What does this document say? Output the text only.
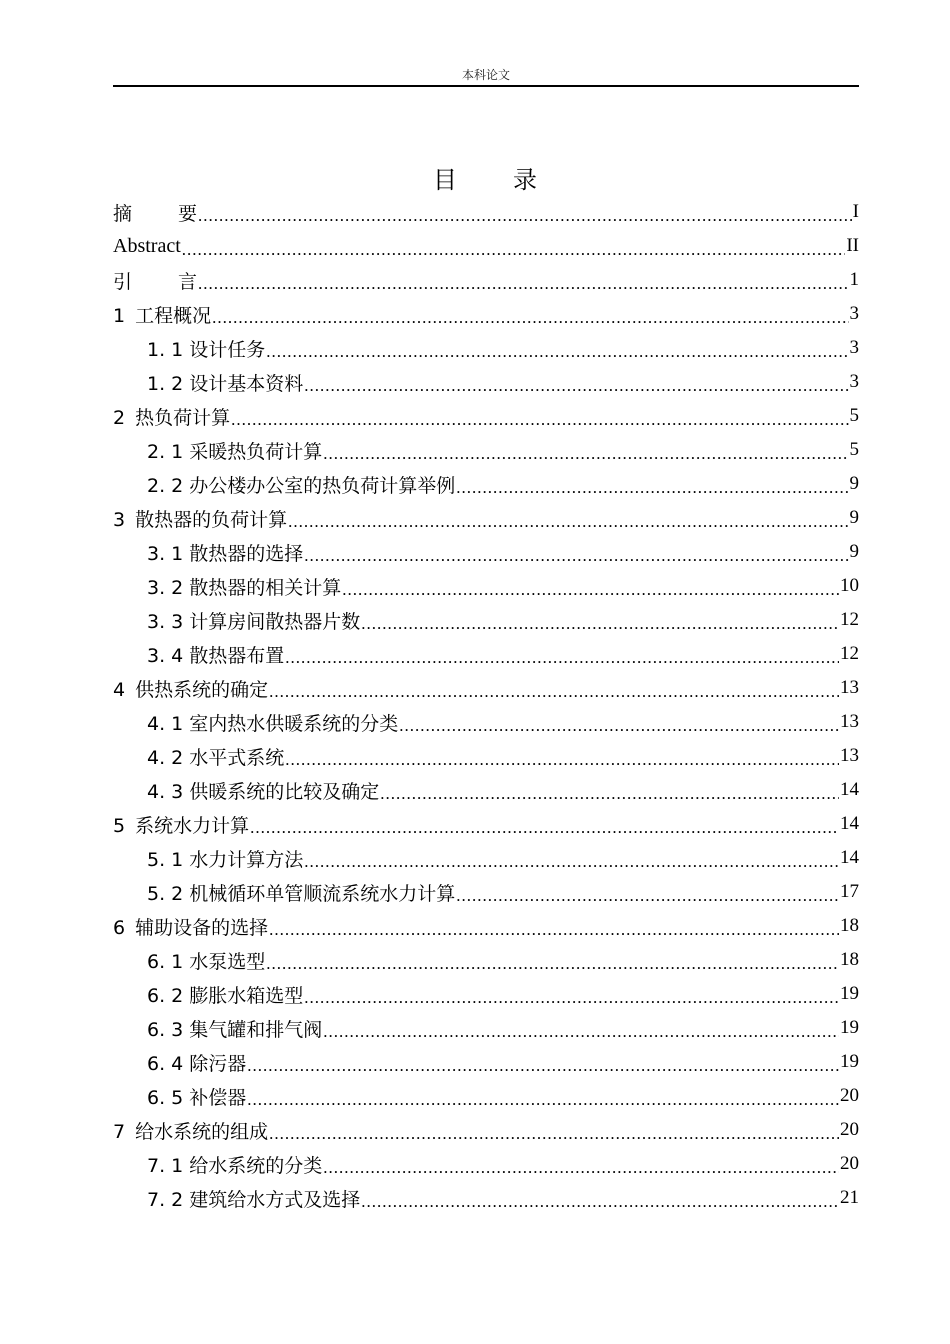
本科论文
目 录
摘要 .....	I
Abstract .....	II
引言 .....	1
1 工程概况 .....	3
1. 1 设计任务 .....	3
1. 2 设计基本资料 .....	3
2 热负荷计算 .....	5
2. 1 采暖热负荷计算 .....	5
2. 2 办公楼办公室的热负荷计算举例 .....	9
3 散热器的负荷计算 .....	9
3. 1 散热器的选择 .....	9
3. 2 散热器的相关计算 .....	10
3. 3 计算房间散热器片数 .....	12
3. 4 散热器布置 .....	12
4 供热系统的确定 .....	13
4. 1 室内热水供暖系统的分类 .....	13
4. 2 水平式系统 .....	13
4. 3 供暖系统的比较及确定 .....	14
5 系统水力计算 .....	14
5. 1 水力计算方法 .....	14
5. 2 机械循环单管顺流系统水力计算 .....	17
6 辅助设备的选择 .....	18
6. 1 水泵选型 .....	18
6. 2 膨胀水箱选型 .....	19
6. 3 集气罐和排气阀 .....	19
6. 4 除污器 .....	19
6. 5 补偿器 .....	20
7 给水系统的组成 .....	20
7. 1 给水系统的分类 .....	20
7. 2 建筑给水方式及选择 .....	21
